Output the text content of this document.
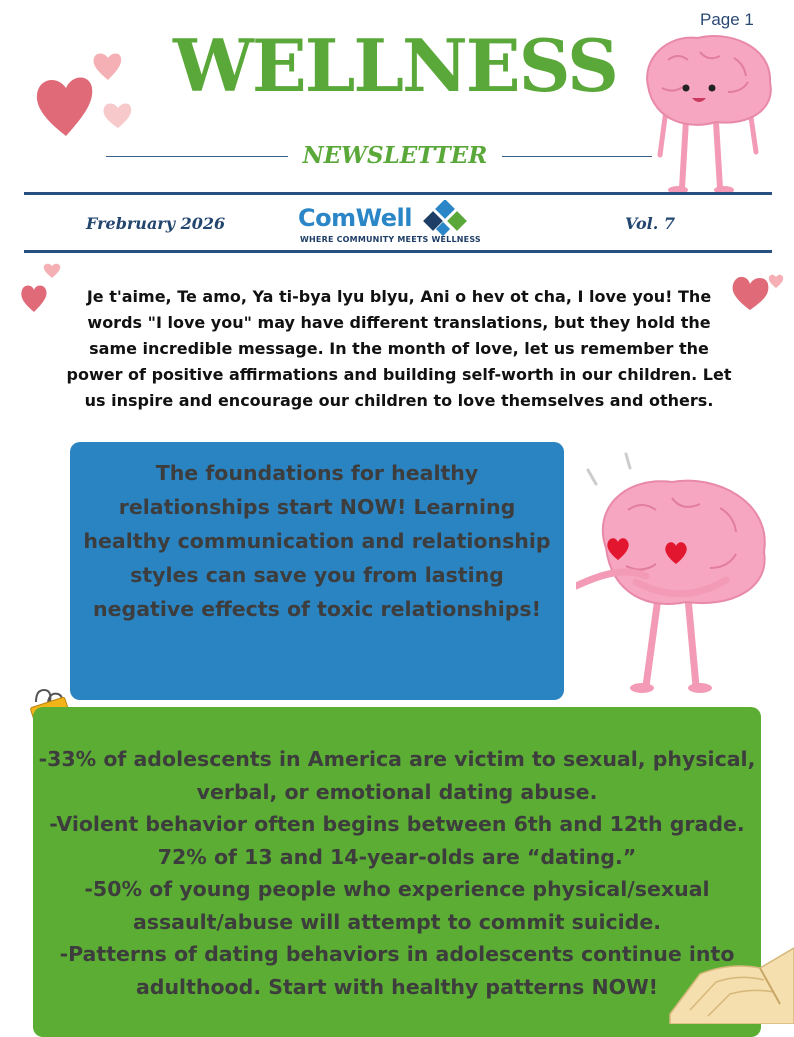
Page 1
WELLNESS
NEWSLETTER
Frebruary 2026	ComWell
WHERE COMMUNITY MEETS WELLNESS
Vol. 7
Je t'aime, Te amo, Ya ti-bya lyu blyu, Ani o hev ot cha, I love you! The words "I love you" may have different translations, but they hold the same incredible message. In the month of love, let us remember the power of positive affirmations and building self-worth in our children. Let us inspire and encourage our children to love themselves and others.
The foundations for healthy relationships start NOW! Learning healthy communication and relationship styles can save you from lasting negative effects of toxic relationships!
-33% of adolescents in America are victim to sexual, physical, verbal, or emotional dating abuse.
-Violent behavior often begins between 6th and 12th grade. 72% of 13 and 14-year-olds are “dating.”
-50% of young people who experience physical/sexual assault/abuse will attempt to commit suicide.
-Patterns of dating behaviors in adolescents continue into adulthood. Start with healthy patterns NOW!
